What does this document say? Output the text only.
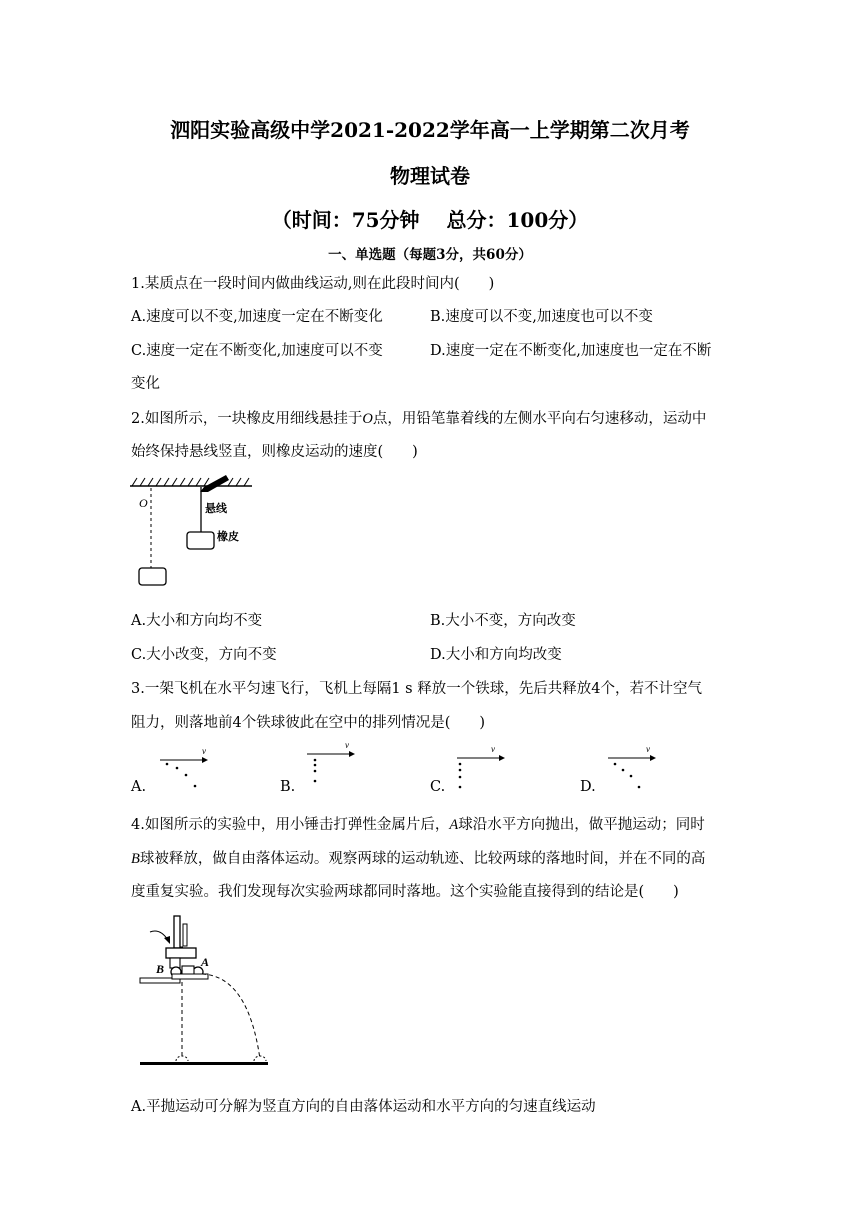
泗阳实验高级中学2021-2022学年高一上学期第二次月考
物理试卷
（时间：75分钟　 总分：100分）
一、单选题（每题3分，共60分）
1.某质点在一段时间内做曲线运动,则在此段时间内(　　)
A.速度可以不变,加速度一定在不断变化	B.速度可以不变,加速度也可以不变
C.速度一定在不断变化,加速度可以不变	D.速度一定在不断变化,加速度也一定在不断
变化
2.如图所示，一块橡皮用细线悬挂于O点，用铅笔靠着线的左侧水平向右匀速移动，运动中
始终保持悬线竖直，则橡皮运动的速度(　　)
O	悬线
橡皮
A.大小和方向均不变	B.大小不变，方向改变
C.大小改变，方向不变	D.大小和方向均改变
3.一架飞机在水平匀速飞行，飞机上每隔1 s 释放一个铁球，先后共释放4个，若不计空气
阻力，则落地前4个铁球彼此在空中的排列情况是(　　)
A.
v
B.
v
C.
v
D.
v
4.如图所示的实验中，用小锤击打弹性金属片后，A球沿水平方向抛出，做平抛运动；同时
B球被释放，做自由落体运动。观察两球的运动轨迹、比较两球的落地时间，并在不同的高
度重复实验。我们发现每次实验两球都同时落地。这个实验能直接得到的结论是(　　)
B	A
A.平抛运动可分解为竖直方向的自由落体运动和水平方向的匀速直线运动
